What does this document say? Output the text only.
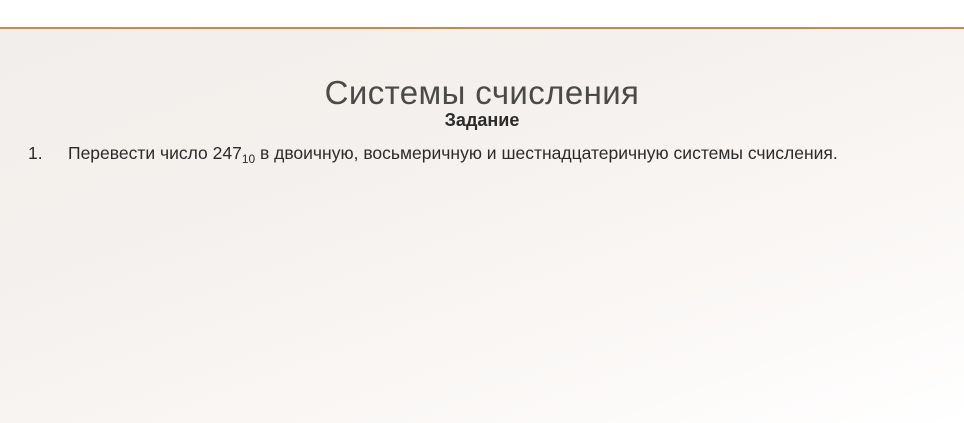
Системы счисления
Задание
1.	Перевести число $247_{10}$ в двоичную, восьмеричную и шестнадцатеричную системы счисления.
